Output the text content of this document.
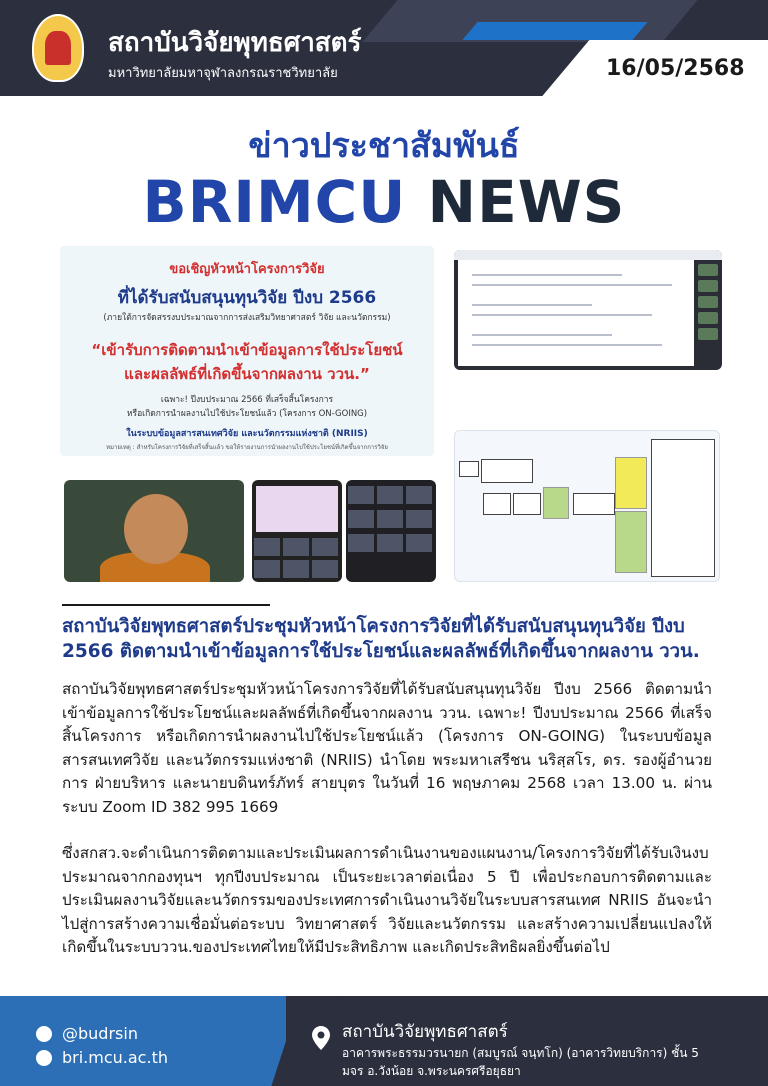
สถาบันวิจัยพุทธศาสตร์
มหาวิทยาลัยมหาจุฬาลงกรณราชวิทยาลัย	16/05/2568
ข่าวประชาสัมพันธ์
BRIMCU NEWS
ขอเชิญหัวหน้าโครงการวิจัย
ที่ได้รับสนับสนุนทุนวิจัย ปีงบ 2566
(ภายใต้การจัดสรรงบประมาณจากการส่งเสริมวิทยาศาสตร์ วิจัย และนวัตกรรม)
“เข้ารับการติดตามนำเข้าข้อมูลการใช้ประโยชน์
และผลลัพธ์ที่เกิดขึ้นจากผลงาน ววน.”
เฉพาะ! ปีงบประมาณ 2566 ที่เสร็จสิ้นโครงการ
หรือเกิดการนำผลงานไปใช้ประโยชน์แล้ว (โครงการ ON-GOING)
ในระบบข้อมูลสารสนเทศวิจัย และนวัตกรรมแห่งชาติ (NRIIS)
หมายเหตุ : สำหรับโครงการวิจัยที่เสร็จสิ้นแล้ว ขอให้รายงานการนำผลงานไปใช้ประโยชน์ที่เกิดขึ้นจากการวิจัย
สถาบันวิจัยพุทธศาสตร์ประชุมหัวหน้าโครงการวิจัยที่ได้รับสนับสนุนทุนวิจัย ปีงบ 2566 ติดตามนำเข้าข้อมูลการใช้ประโยชน์และผลลัพธ์ที่เกิดขึ้นจากผลงาน ววน.
สถาบันวิจัยพุทธศาสตร์ประชุมหัวหน้าโครงการวิจัยที่ได้รับสนับสนุนทุนวิจัย ปีงบ 2566 ติดตามนำเข้าข้อมูลการใช้ประโยชน์และผลลัพธ์ที่เกิดขึ้นจากผลงาน ววน. เฉพาะ! ปีงบประมาณ 2566 ที่เสร็จสิ้นโครงการ หรือเกิดการนำผลงานไปใช้ประโยชน์แล้ว (โครงการ ON-GOING) ในระบบข้อมูลสารสนเทศวิจัย และนวัตกรรมแห่งชาติ (NRIIS) นำโดย พระมหาเสรีชน นริสฺสโร, ดร. รองผู้อำนวยการ ฝ่ายบริหาร และนายบดินทร์ภัทร์ สายบุตร ในวันที่ 16 พฤษภาคม 2568 เวลา 13.00 น. ผ่านระบบ Zoom ID 382 995 1669
ซึ่งสกสว.จะดำเนินการติดตามและประเมินผลการดำเนินงานของแผนงาน/โครงการวิจัยที่ได้รับเงินงบประมาณจากกองทุนฯ ทุกปีงบประมาณ เป็นระยะเวลาต่อเนื่อง 5 ปี เพื่อประกอบการติดตามและประเมินผลงานวิจัยและนวัตกรรมของประเทศการดำเนินงานวิจัยในระบบสารสนเทศ NRIIS อันจะนำไปสู่การสร้างความเชื่อมั่นต่อระบบ วิทยาศาสตร์ วิจัยและนวัตกรรม และสร้างความเปลี่ยนแปลงให้เกิดขึ้นในระบบววน.ของประเทศไทยให้มีประสิทธิภาพ และเกิดประสิทธิผลยิ่งขึ้นต่อไป
@budrsin
bri.mcu.ac.th
สถาบันวิจัยพุทธศาสตร์
อาคารพระธรรมวรนายก (สมบูรณ์ จนฺทโก) (อาคารวิทยบริการ) ชั้น 5
มจร อ.วังน้อย จ.พระนครศรีอยุธยา
